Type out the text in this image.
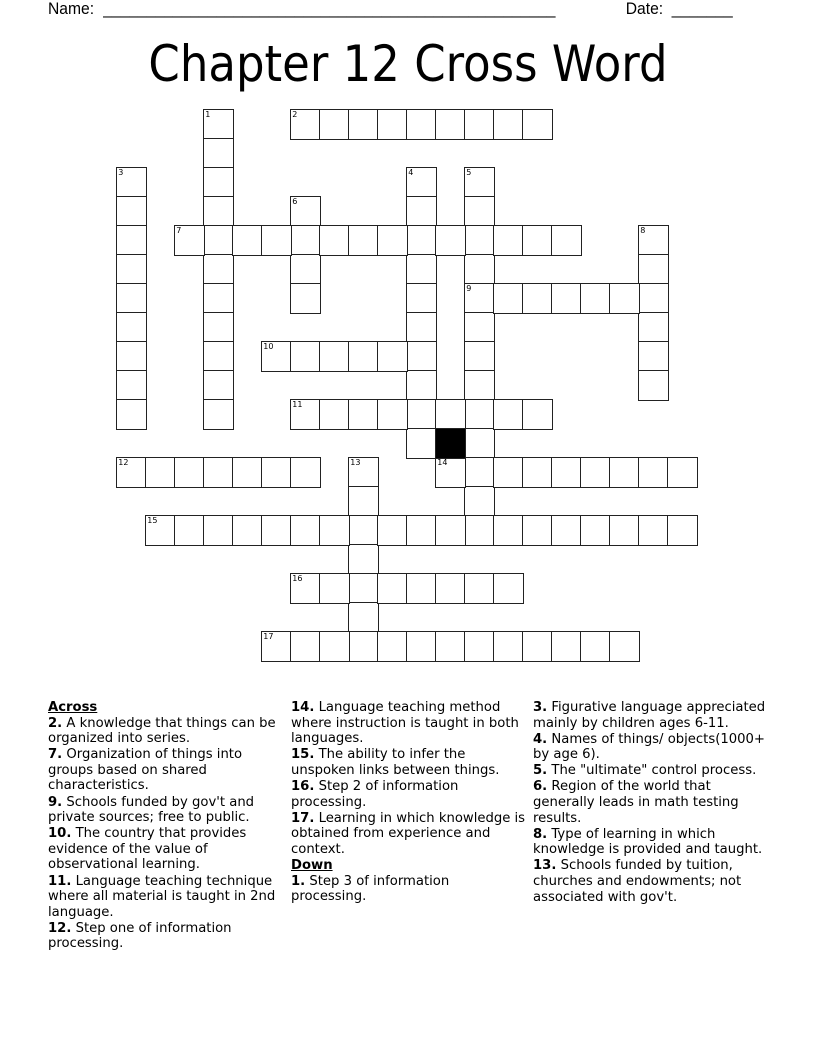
Name: ____________________________________________________	Date: _______
Chapter 12 Cross Word
1	2
3	4	5
9
6
7	8
10
11
12	13	14
15
16
17
Across
2. A knowledge that things can be organized into series.
7. Organization of things into groups based on shared characteristics.
9. Schools funded by gov't and private sources; free to public.
10. The country that provides evidence of the value of observational learning.
11. Language teaching technique where all material is taught in 2nd language.
12. Step one of information processing.
14. Language teaching method where instruction is taught in both languages.
15. The ability to infer the unspoken links between things.
16. Step 2 of information processing.
17. Learning in which knowledge is obtained from experience and context.
Down
1. Step 3 of information processing.
3. Figurative language appreciated mainly by children ages 6-11.
4. Names of things/ objects(1000+ by age 6).
5. The "ultimate" control process.
6. Region of the world that generally leads in math testing results.
8. Type of learning in which knowledge is provided and taught.
13. Schools funded by tuition, churches and endowments; not associated with gov't.
